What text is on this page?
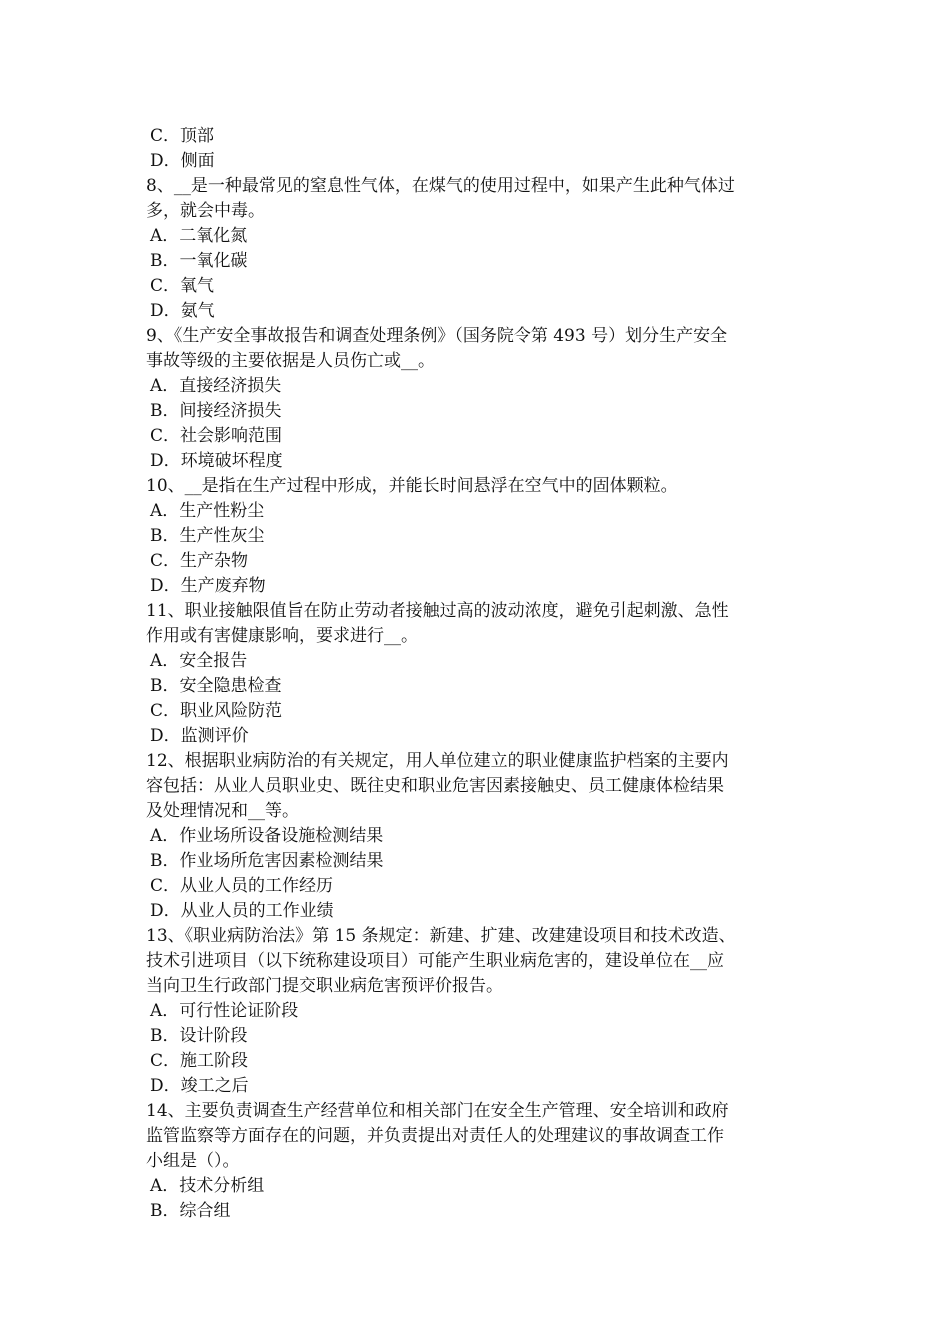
C．顶部
D．侧面
8、__是一种最常见的窒息性气体，在煤气的使用过程中，如果产生此种气体过
多，就会中毒。
A．二氧化氮
B．一氧化碳
C．氧气
D．氨气
9、《生产安全事故报告和调查处理条例》（国务院令第 493 号）划分生产安全
事故等级的主要依据是人员伤亡或__。
A．直接经济损失
B．间接经济损失
C．社会影响范围
D．环境破坏程度
10、__是指在生产过程中形成，并能长时间悬浮在空气中的固体颗粒。
A．生产性粉尘
B．生产性灰尘
C．生产杂物
D．生产废弃物
11、职业接触限值旨在防止劳动者接触过高的波动浓度，避免引起刺激、急性
作用或有害健康影响，要求进行__。
A．安全报告
B．安全隐患检查
C．职业风险防范
D．监测评价
12、根据职业病防治的有关规定，用人单位建立的职业健康监护档案的主要内
容包括：从业人员职业史、既往史和职业危害因素接触史、员工健康体检结果
及处理情况和__等。
A．作业场所设备设施检测结果
B．作业场所危害因素检测结果
C．从业人员的工作经历
D．从业人员的工作业绩
13、《职业病防治法》第 15 条规定：新建、扩建、改建建设项目和技术改造、
技术引进项目（以下统称建设项目）可能产生职业病危害的，建设单位在__应
当向卫生行政部门提交职业病危害预评价报告。
A．可行性论证阶段
B．设计阶段
C．施工阶段
D．竣工之后
14、主要负责调查生产经营单位和相关部门在安全生产管理、安全培训和政府
监管监察等方面存在的问题，并负责提出对责任人的处理建议的事故调查工作
小组是（）。
A．技术分析组
B．综合组
